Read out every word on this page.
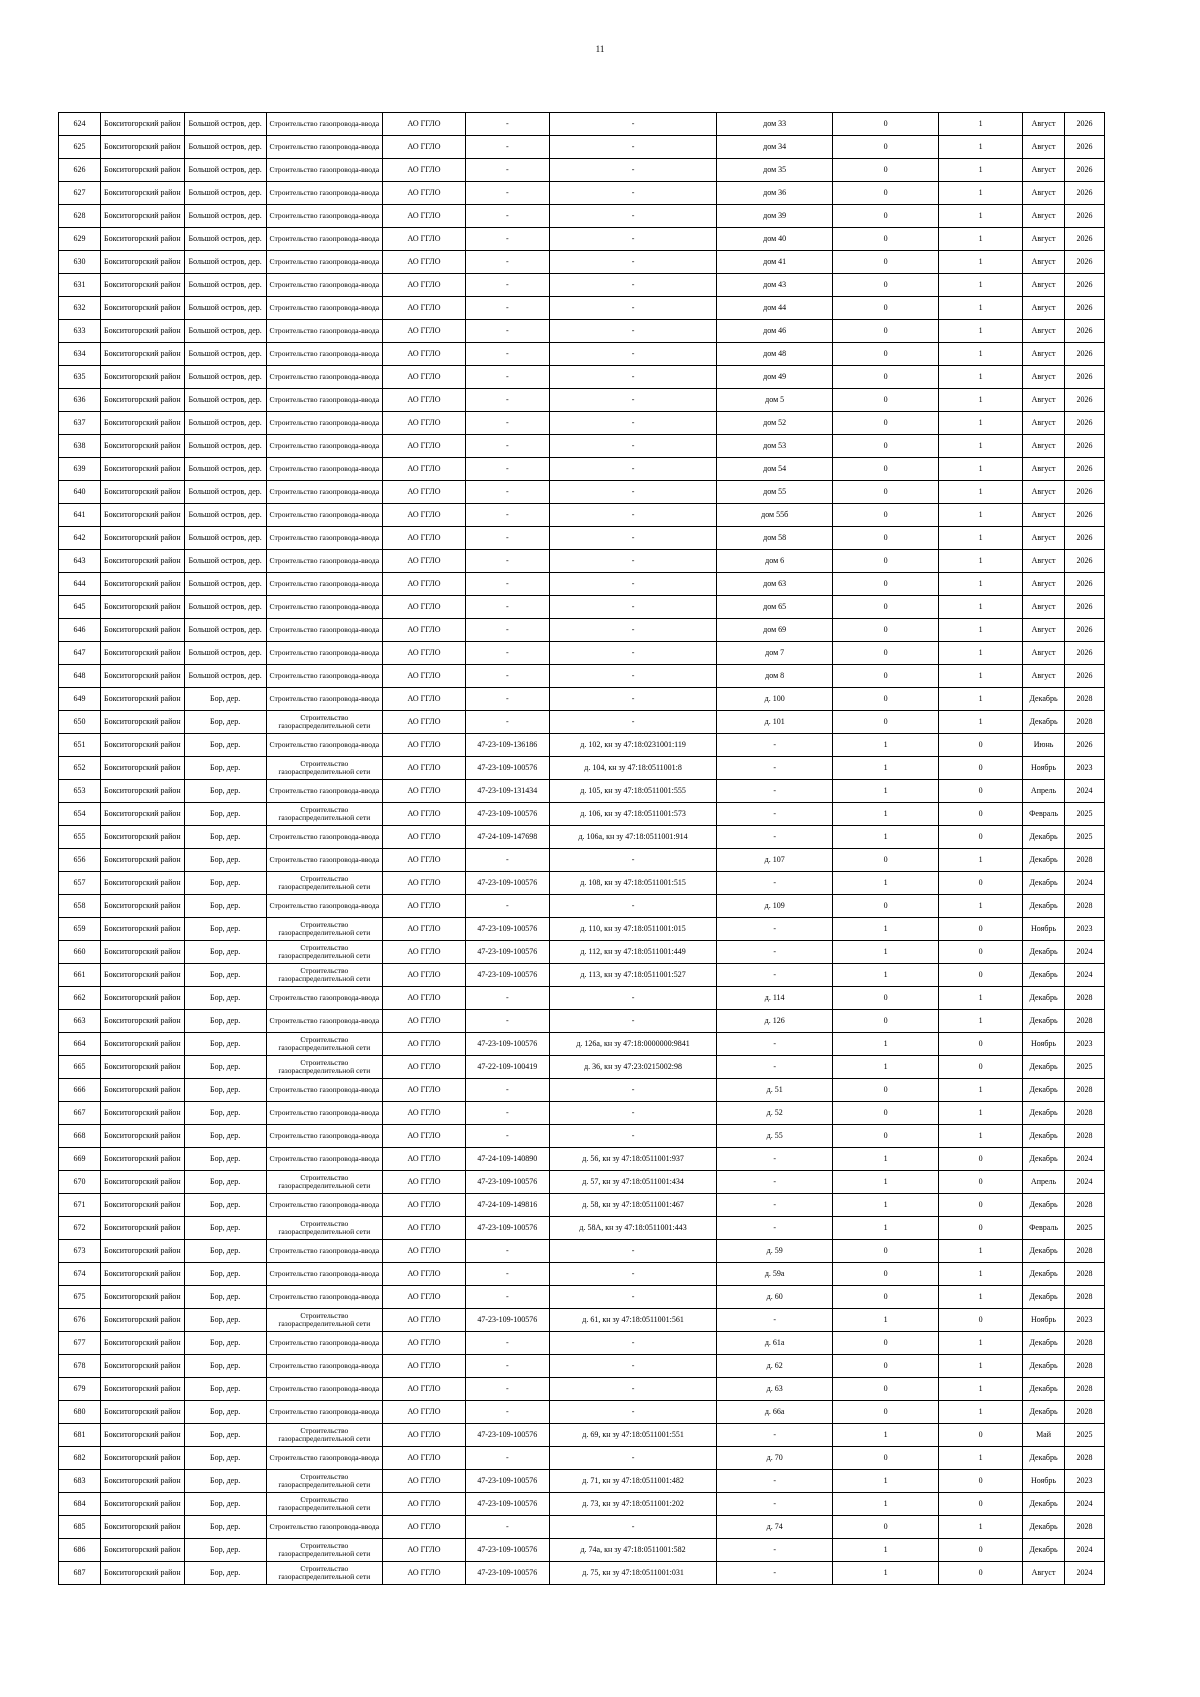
11
624	Бокситогорский район	Большой остров, дер.	Строительство газопровода-ввода	АО ГГЛО	-	-	дом 33	0	1	Август	2026
625	Бокситогорский район	Большой остров, дер.	Строительство газопровода-ввода	АО ГГЛО	-	-	дом 34	0	1	Август	2026
626	Бокситогорский район	Большой остров, дер.	Строительство газопровода-ввода	АО ГГЛО	-	-	дом 35	0	1	Август	2026
627	Бокситогорский район	Большой остров, дер.	Строительство газопровода-ввода	АО ГГЛО	-	-	дом 36	0	1	Август	2026
628	Бокситогорский район	Большой остров, дер.	Строительство газопровода-ввода	АО ГГЛО	-	-	дом 39	0	1	Август	2026
629	Бокситогорский район	Большой остров, дер.	Строительство газопровода-ввода	АО ГГЛО	-	-	дом 40	0	1	Август	2026
630	Бокситогорский район	Большой остров, дер.	Строительство газопровода-ввода	АО ГГЛО	-	-	дом 41	0	1	Август	2026
631	Бокситогорский район	Большой остров, дер.	Строительство газопровода-ввода	АО ГГЛО	-	-	дом 43	0	1	Август	2026
632	Бокситогорский район	Большой остров, дер.	Строительство газопровода-ввода	АО ГГЛО	-	-	дом 44	0	1	Август	2026
633	Бокситогорский район	Большой остров, дер.	Строительство газопровода-ввода	АО ГГЛО	-	-	дом 46	0	1	Август	2026
634	Бокситогорский район	Большой остров, дер.	Строительство газопровода-ввода	АО ГГЛО	-	-	дом 48	0	1	Август	2026
635	Бокситогорский район	Большой остров, дер.	Строительство газопровода-ввода	АО ГГЛО	-	-	дом 49	0	1	Август	2026
636	Бокситогорский район	Большой остров, дер.	Строительство газопровода-ввода	АО ГГЛО	-	-	дом 5	0	1	Август	2026
637	Бокситогорский район	Большой остров, дер.	Строительство газопровода-ввода	АО ГГЛО	-	-	дом 52	0	1	Август	2026
638	Бокситогорский район	Большой остров, дер.	Строительство газопровода-ввода	АО ГГЛО	-	-	дом 53	0	1	Август	2026
639	Бокситогорский район	Большой остров, дер.	Строительство газопровода-ввода	АО ГГЛО	-	-	дом 54	0	1	Август	2026
640	Бокситогорский район	Большой остров, дер.	Строительство газопровода-ввода	АО ГГЛО	-	-	дом 55	0	1	Август	2026
641	Бокситогорский район	Большой остров, дер.	Строительство газопровода-ввода	АО ГГЛО	-	-	дом 55б	0	1	Август	2026
642	Бокситогорский район	Большой остров, дер.	Строительство газопровода-ввода	АО ГГЛО	-	-	дом 58	0	1	Август	2026
643	Бокситогорский район	Большой остров, дер.	Строительство газопровода-ввода	АО ГГЛО	-	-	дом 6	0	1	Август	2026
644	Бокситогорский район	Большой остров, дер.	Строительство газопровода-ввода	АО ГГЛО	-	-	дом 63	0	1	Август	2026
645	Бокситогорский район	Большой остров, дер.	Строительство газопровода-ввода	АО ГГЛО	-	-	дом 65	0	1	Август	2026
646	Бокситогорский район	Большой остров, дер.	Строительство газопровода-ввода	АО ГГЛО	-	-	дом 69	0	1	Август	2026
647	Бокситогорский район	Большой остров, дер.	Строительство газопровода-ввода	АО ГГЛО	-	-	дом 7	0	1	Август	2026
648	Бокситогорский район	Большой остров, дер.	Строительство газопровода-ввода	АО ГГЛО	-	-	дом 8	0	1	Август	2026
649	Бокситогорский район	Бор, дер.	Строительство газопровода-ввода	АО ГГЛО	-	-	д. 100	0	1	Декабрь	2028
650	Бокситогорский район	Бор, дер.	Строительство газораспределительной сети	АО ГГЛО	-	-	д. 101	0	1	Декабрь	2028
651	Бокситогорский район	Бор, дер.	Строительство газопровода-ввода	АО ГГЛО	47-23-109-136186	д. 102, кн зу 47:18:0231001:119	-	1	0	Июнь	2026
652	Бокситогорский район	Бор, дер.	Строительство газораспределительной сети	АО ГГЛО	47-23-109-100576	д. 104, кн зу 47:18:0511001:8	-	1	0	Ноябрь	2023
653	Бокситогорский район	Бор, дер.	Строительство газопровода-ввода	АО ГГЛО	47-23-109-131434	д. 105, кн зу 47:18:0511001:555	-	1	0	Апрель	2024
654	Бокситогорский район	Бор, дер.	Строительство газораспределительной сети	АО ГГЛО	47-23-109-100576	д. 106, кн зу 47:18:0511001:573	-	1	0	Февраль	2025
655	Бокситогорский район	Бор, дер.	Строительство газопровода-ввода	АО ГГЛО	47-24-109-147698	д. 106а, кн зу 47:18:0511001:914	-	1	0	Декабрь	2025
656	Бокситогорский район	Бор, дер.	Строительство газопровода-ввода	АО ГГЛО	-	-	д. 107	0	1	Декабрь	2028
657	Бокситогорский район	Бор, дер.	Строительство газораспределительной сети	АО ГГЛО	47-23-109-100576	д. 108, кн зу 47:18:0511001:515	-	1	0	Декабрь	2024
658	Бокситогорский район	Бор, дер.	Строительство газопровода-ввода	АО ГГЛО	-	-	д. 109	0	1	Декабрь	2028
659	Бокситогорский район	Бор, дер.	Строительство газораспределительной сети	АО ГГЛО	47-23-109-100576	д. 110, кн зу 47:18:0511001:015	-	1	0	Ноябрь	2023
660	Бокситогорский район	Бор, дер.	Строительство газораспределительной сети	АО ГГЛО	47-23-109-100576	д. 112, кн зу 47:18:0511001:449	-	1	0	Декабрь	2024
661	Бокситогорский район	Бор, дер.	Строительство газораспределительной сети	АО ГГЛО	47-23-109-100576	д. 113, кн зу 47:18:0511001:527	-	1	0	Декабрь	2024
662	Бокситогорский район	Бор, дер.	Строительство газопровода-ввода	АО ГГЛО	-	-	д. 114	0	1	Декабрь	2028
663	Бокситогорский район	Бор, дер.	Строительство газопровода-ввода	АО ГГЛО	-	-	д. 126	0	1	Декабрь	2028
664	Бокситогорский район	Бор, дер.	Строительство газораспределительной сети	АО ГГЛО	47-23-109-100576	д. 126а, кн зу 47:18:0000000:9841	-	1	0	Ноябрь	2023
665	Бокситогорский район	Бор, дер.	Строительство газораспределительной сети	АО ГГЛО	47-22-109-100419	д. 36, кн зу 47:23:0215002:98	-	1	0	Декабрь	2025
666	Бокситогорский район	Бор, дер.	Строительство газопровода-ввода	АО ГГЛО	-	-	д. 51	0	1	Декабрь	2028
667	Бокситогорский район	Бор, дер.	Строительство газопровода-ввода	АО ГГЛО	-	-	д. 52	0	1	Декабрь	2028
668	Бокситогорский район	Бор, дер.	Строительство газопровода-ввода	АО ГГЛО	-	-	д. 55	0	1	Декабрь	2028
669	Бокситогорский район	Бор, дер.	Строительство газопровода-ввода	АО ГГЛО	47-24-109-140890	д. 56, кн зу 47:18:0511001:937	-	1	0	Декабрь	2024
670	Бокситогорский район	Бор, дер.	Строительство газораспределительной сети	АО ГГЛО	47-23-109-100576	д. 57, кн зу 47:18:0511001:434	-	1	0	Апрель	2024
671	Бокситогорский район	Бор, дер.	Строительство газопровода-ввода	АО ГГЛО	47-24-109-149816	д. 58, кн зу 47:18:0511001:467	-	1	0	Декабрь	2028
672	Бокситогорский район	Бор, дер.	Строительство газораспределительной сети	АО ГГЛО	47-23-109-100576	д. 58А, кн зу 47:18:0511001:443	-	1	0	Февраль	2025
673	Бокситогорский район	Бор, дер.	Строительство газопровода-ввода	АО ГГЛО	-	-	д. 59	0	1	Декабрь	2028
674	Бокситогорский район	Бор, дер.	Строительство газопровода-ввода	АО ГГЛО	-	-	д. 59а	0	1	Декабрь	2028
675	Бокситогорский район	Бор, дер.	Строительство газопровода-ввода	АО ГГЛО	-	-	д. 60	0	1	Декабрь	2028
676	Бокситогорский район	Бор, дер.	Строительство газораспределительной сети	АО ГГЛО	47-23-109-100576	д. 61, кн зу 47:18:0511001:561	-	1	0	Ноябрь	2023
677	Бокситогорский район	Бор, дер.	Строительство газопровода-ввода	АО ГГЛО	-	-	д. 61а	0	1	Декабрь	2028
678	Бокситогорский район	Бор, дер.	Строительство газопровода-ввода	АО ГГЛО	-	-	д. 62	0	1	Декабрь	2028
679	Бокситогорский район	Бор, дер.	Строительство газопровода-ввода	АО ГГЛО	-	-	д. 63	0	1	Декабрь	2028
680	Бокситогорский район	Бор, дер.	Строительство газопровода-ввода	АО ГГЛО	-	-	д. 66а	0	1	Декабрь	2028
681	Бокситогорский район	Бор, дер.	Строительство газораспределительной сети	АО ГГЛО	47-23-109-100576	д. 69, кн зу 47:18:0511001:551	-	1	0	Май	2025
682	Бокситогорский район	Бор, дер.	Строительство газопровода-ввода	АО ГГЛО	-	-	д. 70	0	1	Декабрь	2028
683	Бокситогорский район	Бор, дер.	Строительство газораспределительной сети	АО ГГЛО	47-23-109-100576	д. 71, кн зу 47:18:0511001:482	-	1	0	Ноябрь	2023
684	Бокситогорский район	Бор, дер.	Строительство газораспределительной сети	АО ГГЛО	47-23-109-100576	д. 73, кн зу 47:18:0511001:202	-	1	0	Декабрь	2024
685	Бокситогорский район	Бор, дер.	Строительство газопровода-ввода	АО ГГЛО	-	-	д. 74	0	1	Декабрь	2028
686	Бокситогорский район	Бор, дер.	Строительство газораспределительной сети	АО ГГЛО	47-23-109-100576	д. 74а, кн зу 47:18:0511001:582	-	1	0	Декабрь	2024
687	Бокситогорский район	Бор, дер.	Строительство газораспределительной сети	АО ГГЛО	47-23-109-100576	д. 75, кн зу 47:18:0511001:031	-	1	0	Август	2024
